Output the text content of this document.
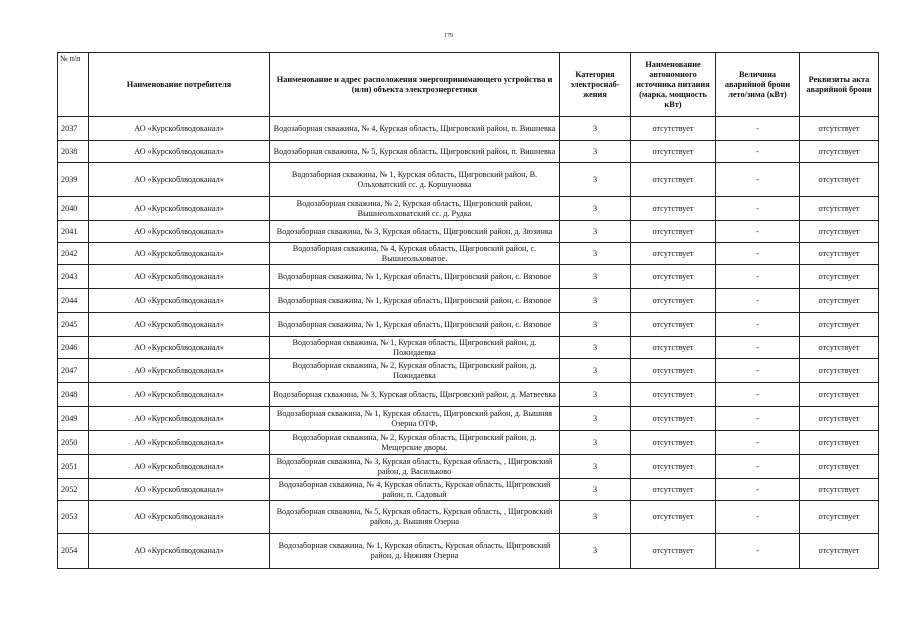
179
№ п/п	Наименование потребителя	Наименование и адрес расположения энергопринимающего устройства и (или) объекта электроэнергетики	Категория электроснаб-жения	Наименование автономного источника питания (марка, мощность кВт)	Величина аварийной брони лето/зима (кВт)	Реквизиты акта аварийной брони
2037	АО «Курскоблводоканал»	Водозаборная скважина, № 4, Курская область, Щигровский район, п. Вишневка	3	отсутствует	-	отсутствует
2038	АО «Курскоблводоканал»	Водозаборная скважина, № 5, Курская область, Щигровский район, п. Вишневка	3	отсутствует	-	отсутствует
2039	АО «Курскоблводоканал»	Водозаборная скважина, № 1, Курская область, Щигровский район, В. Ольховатский сс. д. Коршуновка	3	отсутствует	-	отсутствует
2040	АО «Курскоблводоканал»	Водозаборная скважина, № 2, Курская область, Щигровский район, Вышнеольховатский сс. д. Рудка	3	отсутствует	-	отсутствует
2041	АО «Курскоблводоканал»	Водозаборная скважина, № 3, Курская область, Щигровский район, д. Зюзинка	3	отсутствует	-	отсутствует
2042	АО «Курскоблводоканал»	Водозаборная скважина, № 4, Курская область, Щигровский район, с. Вышнеольховатое.	3	отсутствует	-	отсутствует
2043	АО «Курскоблводоканал»	Водозаборная скважина, № 1, Курская область, Щигровский район, с. Вязовое	3	отсутствует	-	отсутствует
2044	АО «Курскоблводоканал»	Водозаборная скважина, № 1, Курская область, Щигровский район, с. Вязовое	3	отсутствует	-	отсутствует
2045	АО «Курскоблводоканал»	Водозаборная скважина, № 1, Курская область, Щигровский район, с. Вязовое	3	отсутствует	-	отсутствует
2046	АО «Курскоблводоканал»	Водозаборная скважина, № 1, Курская область, Щигровский район, д. Пожидаевка	3	отсутствует	-	отсутствует
2047	АО «Курскоблводоканал»	Водозаборная скважина, № 2, Курская область, Щигровский район, д. Пожидаевка	3	отсутствует	-	отсутствует
2048	АО «Курскоблводоканал»	Водозаборная скважина, № 3, Курская область, Щигровский район, д. Матвеевка	3	отсутствует	-	отсутствует
2049	АО «Курскоблводоканал»	Водозаборная скважина, № 1, Курская область, Щигровский район, д. Вышняя Озерна ОТФ,	3	отсутствует	-	отсутствует
2050	АО «Курскоблводоканал»	Водозаборная скважина, № 2, Курская область, Щигровский район, д. Мещерские дворы.	3	отсутствует	-	отсутствует
2051	АО «Курскоблводоканал»	Водозаборная скважина, № 3, Курская область, Курская область, , Щигровский район, д. Васильково	3	отсутствует	-	отсутствует
2052	АО «Курскоблводоканал»	Водозаборная скважина, № 4, Курская область, Курская область, Щигровский район, п. Садовый	3	отсутствует	-	отсутствует
2053	АО «Курскоблводоканал»	Водозаборная скважина, № 5, Курская область, Курская область, , Щигровский район, д. Вышняя Озерна	3	отсутствует	-	отсутствует
2054	АО «Курскоблводоканал»	Водозаборная скважина, № 1, Курская область, Курская область, Щигровский район, д. Нижняя Озерна	3	отсутствует	-	отсутствует
